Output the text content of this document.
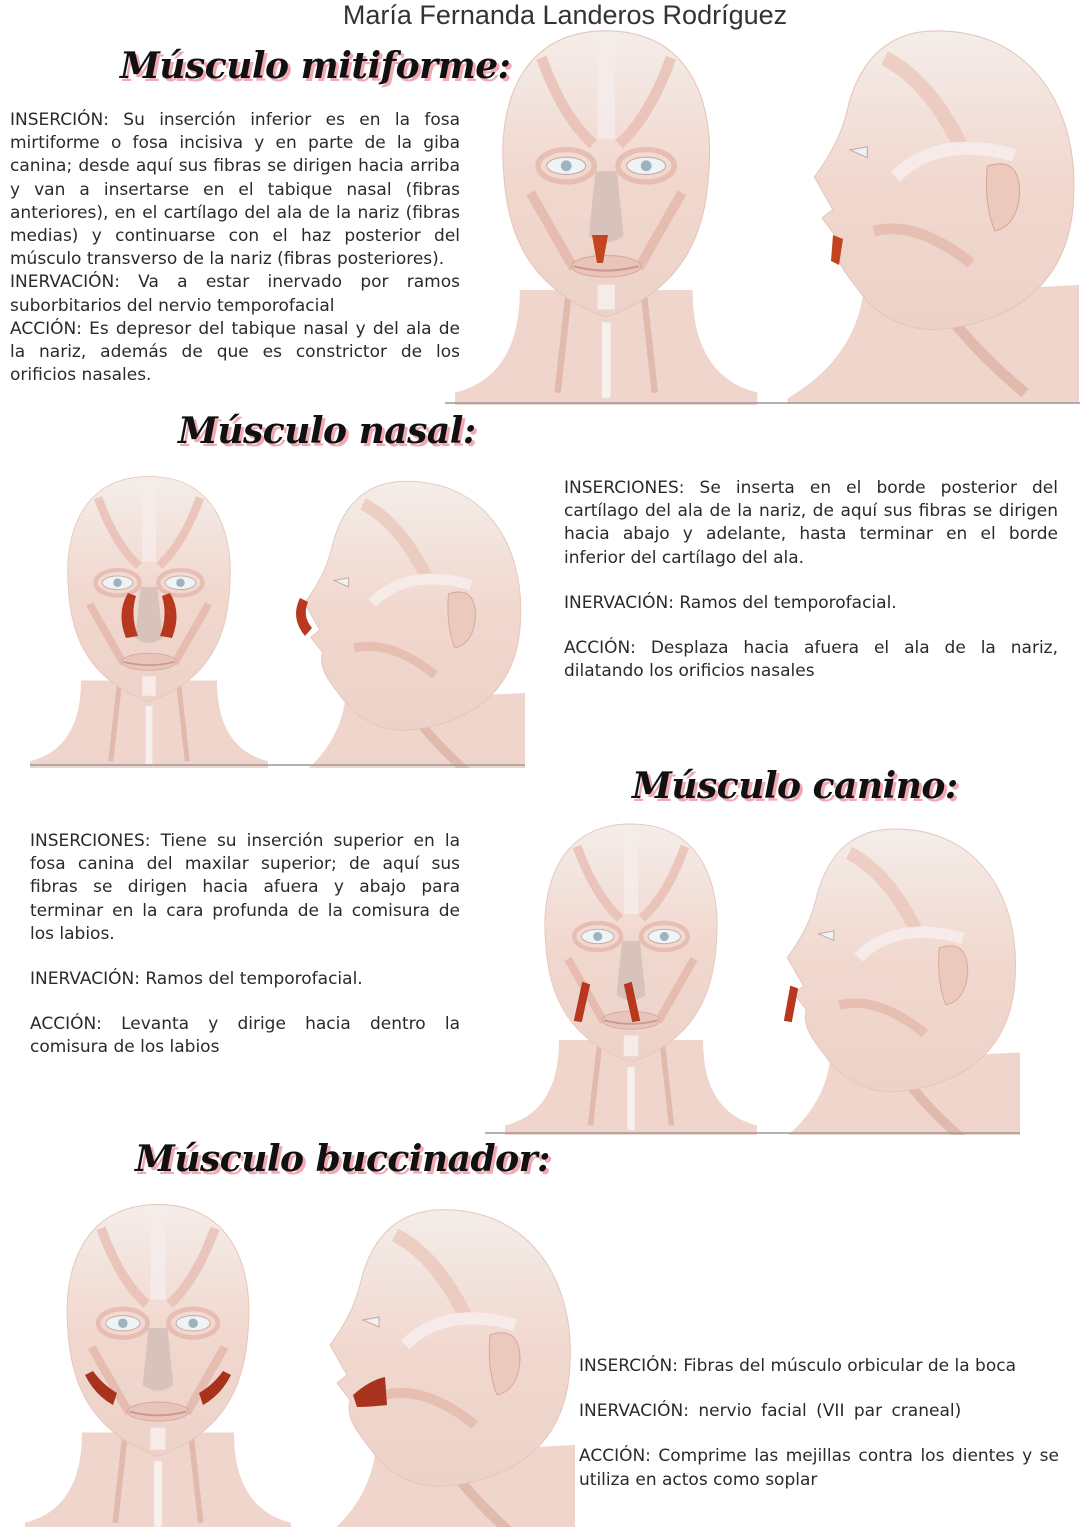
María Fernanda Landeros Rodríguez
Músculo mitiforme:

INSERCIÓN: Su inserción inferior es en la fosa mirtiforme o fosa incisiva y en parte de la giba canina; desde aquí sus fibras se dirigen hacia arriba y van a insertarse en el tabique nasal (fibras anteriores), en el cartílago del ala de la nariz (fibras medias) y continuarse con el haz posterior del músculo transverso de la nariz (fibras posteriores).

INERVACIÓN: Va a estar inervado por ramos suborbitarios del nervio temporofacial

ACCIÓN: Es depresor del tabique nasal y del ala de la nariz, además de que es constrictor de los orificios nasales.

Músculo nasal:

INSERCIONES: Se inserta en el borde posterior del cartílago del ala de la nariz, de aquí sus fibras se dirigen hacia abajo y adelante, hasta terminar en el borde inferior del cartílago del ala.

INERVACIÓN: Ramos del temporofacial.

ACCIÓN: Desplaza hacia afuera el ala de la nariz, dilatando los orificios nasales

Músculo canino:

INSERCIONES: Tiene su inserción superior en la fosa canina del maxilar superior; de aquí sus fibras se dirigen hacia afuera y abajo para terminar en la cara profunda de la comisura de los labios.

INERVACIÓN: Ramos del temporofacial.

ACCIÓN: Levanta y dirige hacia dentro la comisura de los labios

Músculo buccinador:

INSERCIÓN: Fibras del músculo orbicular de la boca

INERVACIÓN: nervio facial (VII par craneal)

ACCIÓN: Comprime las mejillas contra los dientes y se utiliza en actos como soplar
